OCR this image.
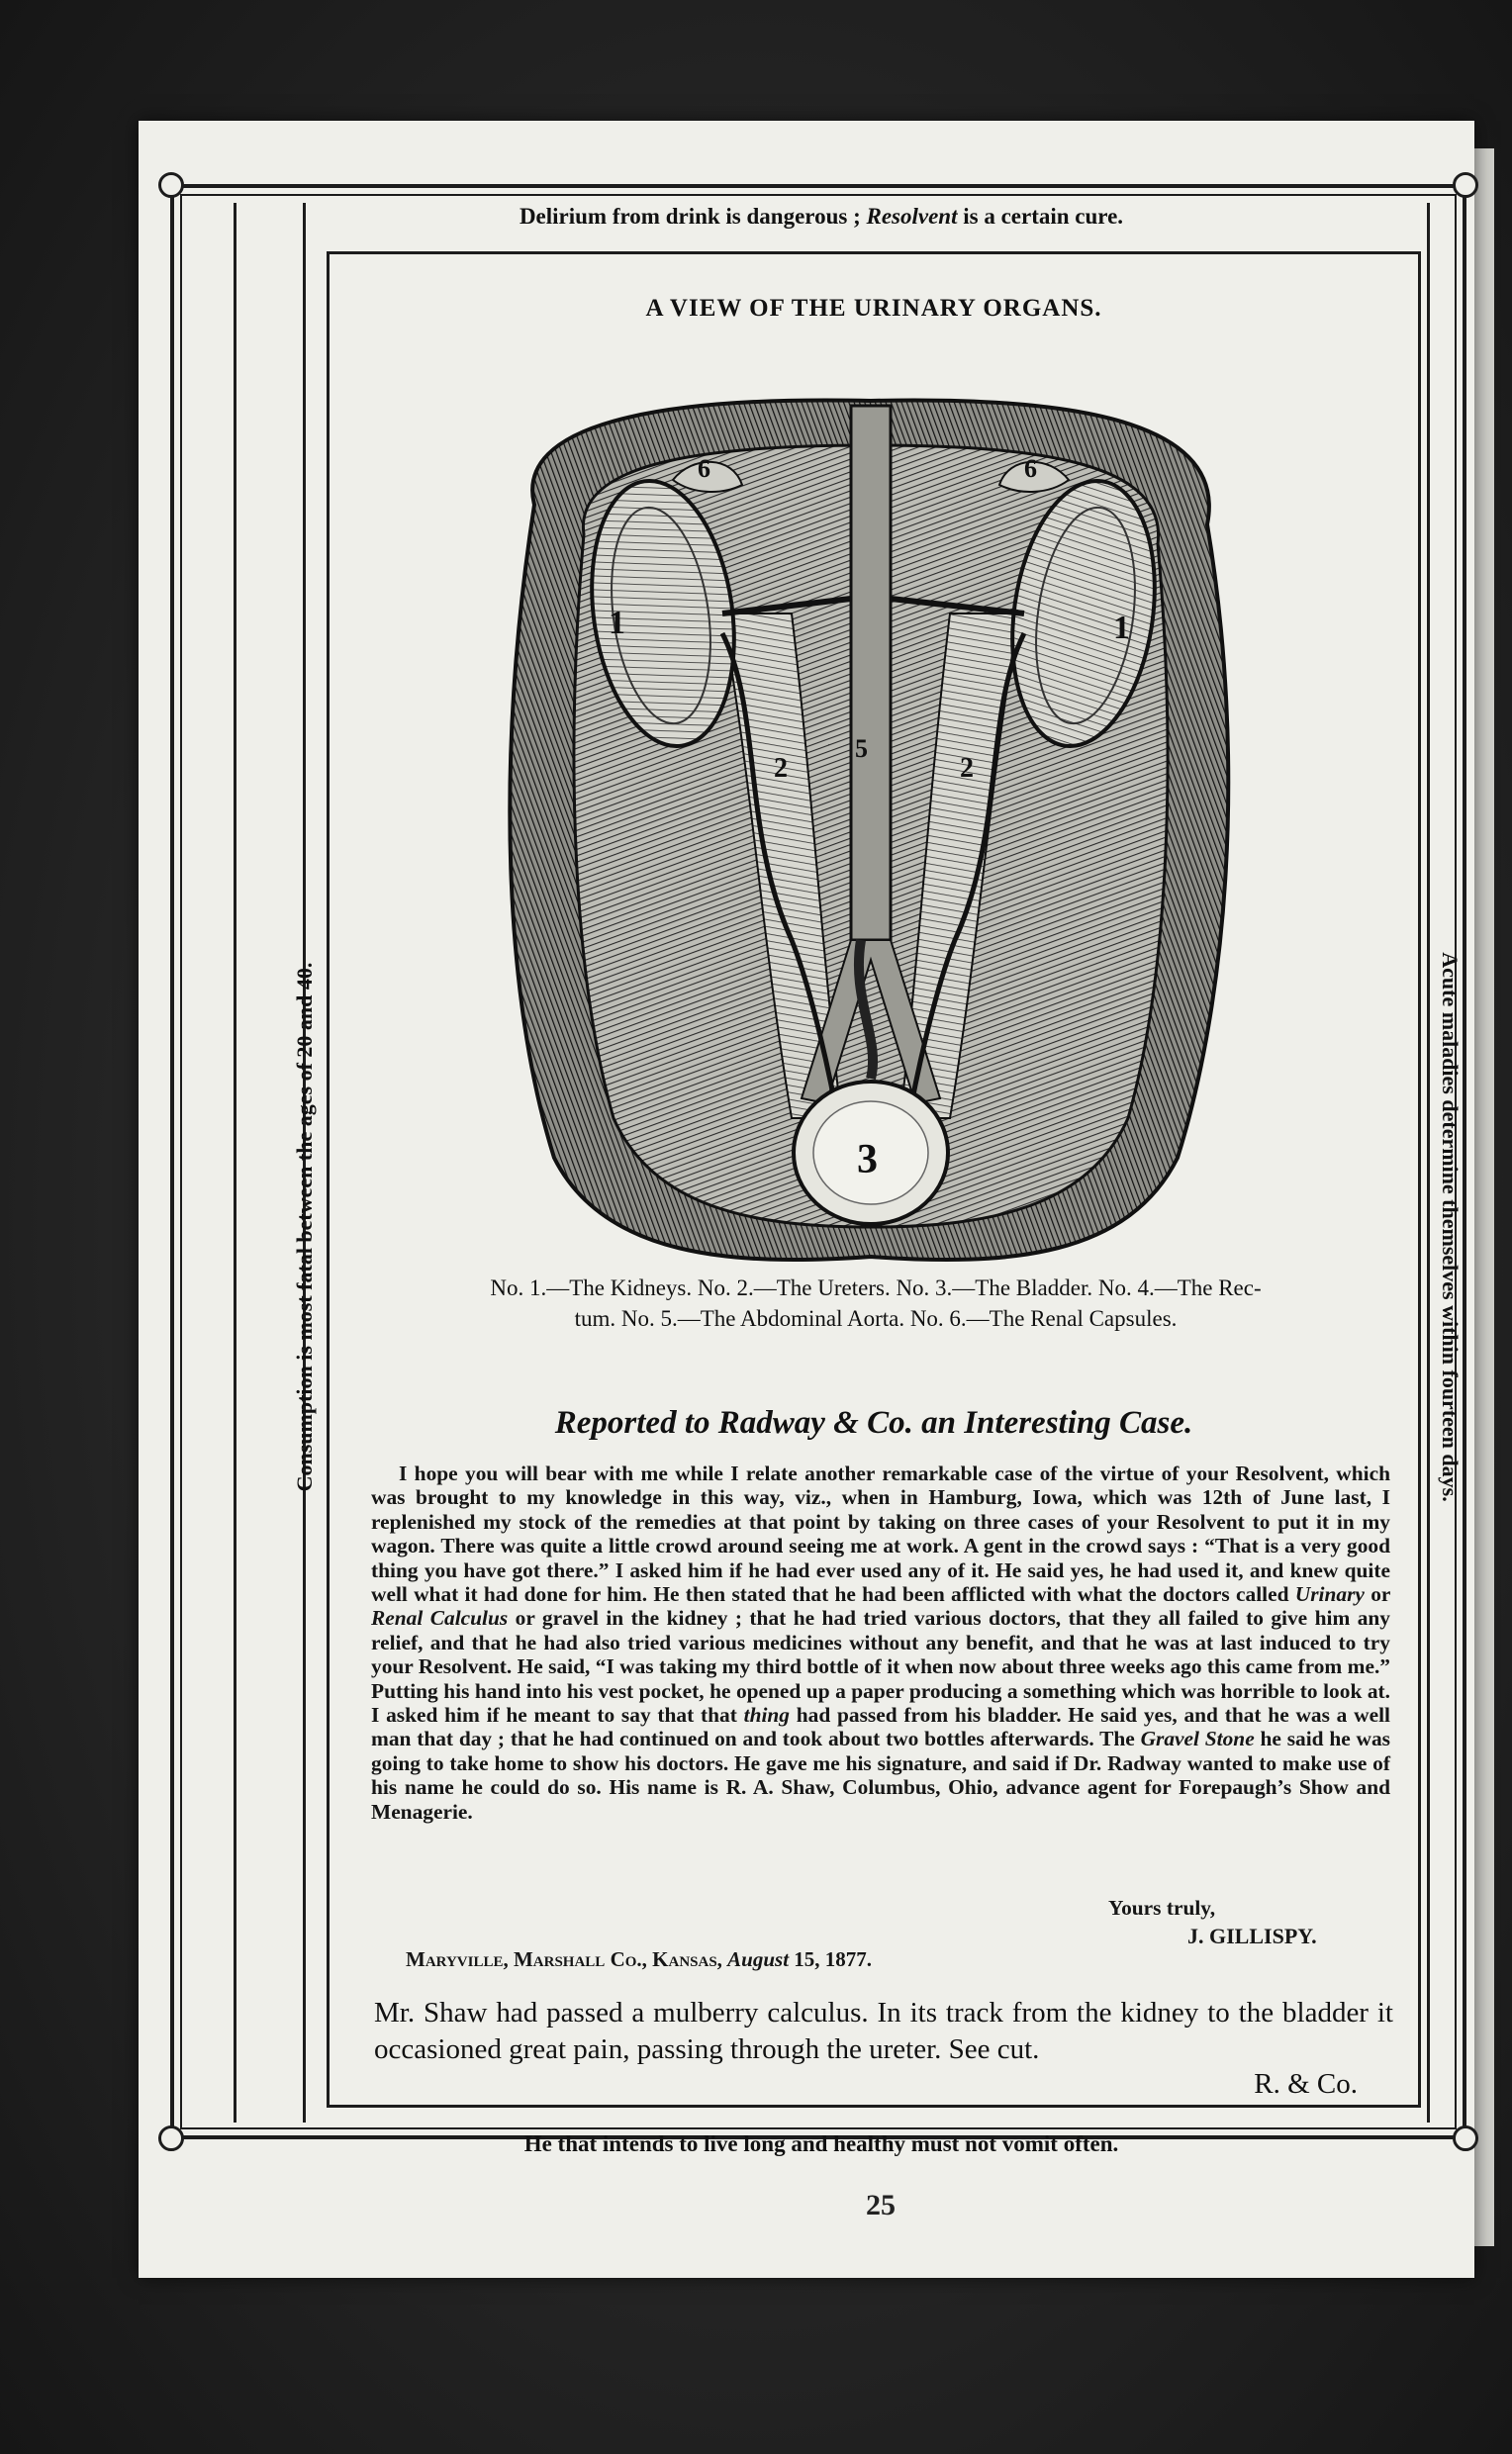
Delirium from drink is dangerous ; Resolvent is a certain cure.
Consumption is most fatal between the ages of 20 and 40.	Acute maladies determine themselves within fourteen days.
A VIEW OF THE URINARY ORGANS.
1	1
2	2
3
5
6	6
No. 1.—The Kidneys. No. 2.—The Ureters. No. 3.—The Bladder. No. 4.—The Rec-
tum. No. 5.—The Abdominal Aorta. No. 6.—The Renal Capsules.
Reported to Radway & Co. an Interesting Case.

I hope you will bear with me while I relate another remarkable case of the virtue of your Resolvent, which was brought to my knowledge in this way, viz., when in Hamburg, Iowa, which was 12th of June last, I replenished my stock of the remedies at that point by taking on three cases of your Resolvent to put it in my wagon. There was quite a little crowd around seeing me at work. A gent in the crowd says : “That is a very good thing you have got there.” I asked him if he had ever used any of it. He said yes, he had used it, and knew quite well what it had done for him. He then stated that he had been afflicted with what the doctors called Urinary or Renal Calculus or gravel in the kidney ; that he had tried various doctors, that they all failed to give him any relief, and that he had also tried various medicines without any benefit, and that he was at last induced to try your Resolvent. He said, “I was taking my third bottle of it when now about three weeks ago this came from me.” Putting his hand into his vest pocket, he opened up a paper producing a something which was horrible to look at. I asked him if he meant to say that that thing had passed from his bladder. He said yes, and that he was a well man that day ; that he had continued on and took about two bottles afterwards. The Gravel Stone he said he was going to take home to show his doctors. He gave me his signature, and said if Dr. Radway wanted to make use of his name he could do so. His name is R. A. Shaw, Columbus, Ohio, advance agent for Forepaugh’s Show and Menagerie.

Yours truly,
J. GILLISPY.
Maryville, Marshall Co., Kansas, August 15, 1877.
Mr. Shaw had passed a mulberry calculus. In its track from the kidney to the bladder it occasioned great pain, passing through the ureter. See cut.
R. & Co.
He that intends to live long and healthy must not vomit often.
25
